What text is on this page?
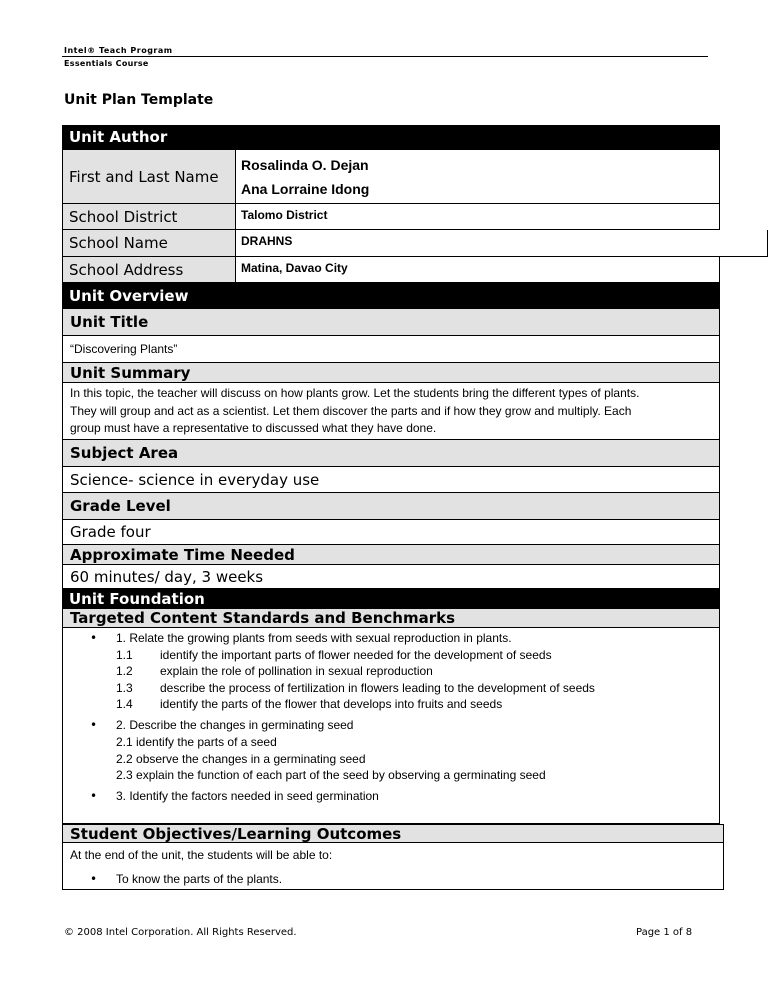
Intel® Teach Program
Essentials Course
Unit Plan Template
Unit Author
First and Last Name
Rosalinda O. Dejan
Ana Lorraine Idong
School District	Talomo District
School Name	DRAHNS
School Address	Matina, Davao City
Unit Overview
Unit Title
“Discovering Plants”
Unit Summary
In this topic, the teacher will discuss on how plants grow. Let the students bring the different types of plants.
They will group and act as a scientist. Let them discover the parts and if how they grow and multiply. Each
group must have a representative to discussed what they have done.
Subject Area
Science- science in everyday use
Grade Level
Grade four
Approximate Time Needed
60 minutes/ day, 3 weeks
Unit Foundation
Targeted Content Standards and Benchmarks
• 1. Relate the growing plants from seeds with sexual reproduction in plants.
1.1 identify the important parts of flower needed for the development of seeds
1.2 explain the role of pollination in sexual reproduction
1.3 describe the process of fertilization in flowers leading to the development of seeds
1.4 identify the parts of the flower that develops into fruits and seeds
• 2. Describe the changes in germinating seed
2.1 identify the parts of a seed
2.2 observe the changes in a germinating seed
2.3 explain the function of each part of the seed by observing a germinating seed
• 3. Identify the factors needed in seed germination
Student Objectives/Learning Outcomes
At the end of the unit, the students will be able to:
• To know the parts of the plants.
© 2008 Intel Corporation. All Rights Reserved.	Page 1 of 8
